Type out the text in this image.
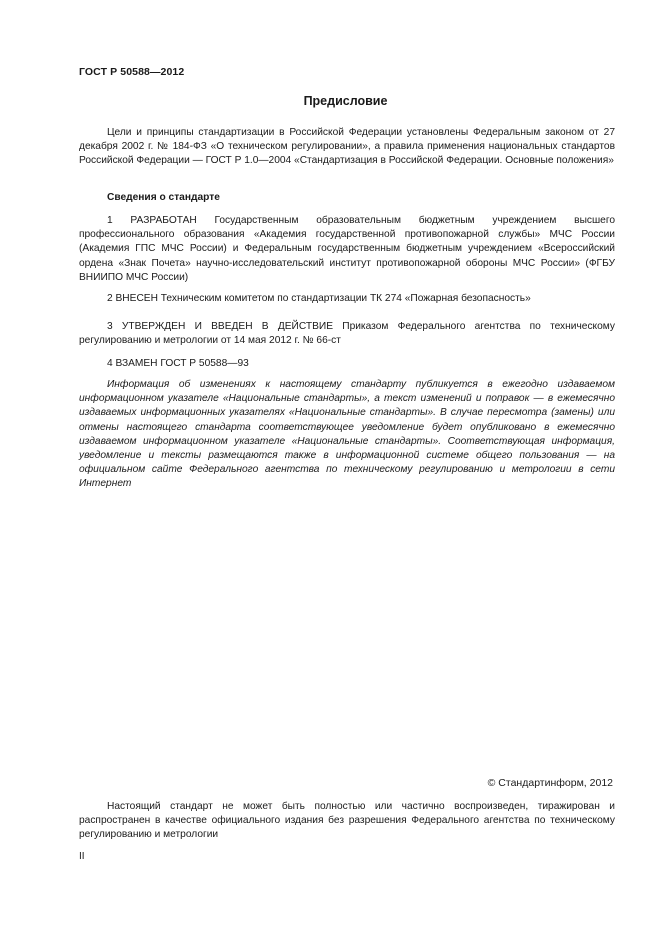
ГОСТ Р 50588—2012
Предисловие

Цели и принципы стандартизации в Российской Федерации установлены Федеральным законом от 27 декабря 2002 г. № 184-ФЗ «О техническом регулировании», а правила применения национальных стандартов Российской Федерации — ГОСТ Р 1.0—2004 «Стандартизация в Российской Федерации. Основные положения»

Сведения о стандарте

1 РАЗРАБОТАН Государственным образовательным бюджетным учреждением высшего профессионального образования «Академия государственной противопожарной службы» МЧС России (Академия ГПС МЧС России) и Федеральным государственным бюджетным учреждением «Всероссийский ордена «Знак Почета» научно-исследовательский институт противопожарной обороны МЧС России» (ФГБУ ВНИИПО МЧС России)

2 ВНЕСЕН Техническим комитетом по стандартизации ТК 274 «Пожарная безопасность»

3 УТВЕРЖДЕН И ВВЕДЕН В ДЕЙСТВИЕ Приказом Федерального агентства по техническому регулированию и метрологии от 14 мая 2012 г. № 66-ст

4 ВЗАМЕН ГОСТ Р 50588—93

Информация об изменениях к настоящему стандарту публикуется в ежегодно издаваемом информационном указателе «Национальные стандарты», а текст изменений и поправок — в ежемесячно издаваемых информационных указателях «Национальные стандарты». В случае пересмотра (замены) или отмены настоящего стандарта соответствующее уведомление будет опубликовано в ежемесячно издаваемом информационном указателе «Национальные стандарты». Соответствующая информация, уведомление и тексты размещаются также в информационной системе общего пользования — на официальном сайте Федерального агентства по техническому регулированию и метрологии в сети Интернет

© Стандартинформ, 2012

Настоящий стандарт не может быть полностью или частично воспроизведен, тиражирован и распространен в качестве официального издания без разрешения Федерального агентства по техническому регулированию и метрологии

II
